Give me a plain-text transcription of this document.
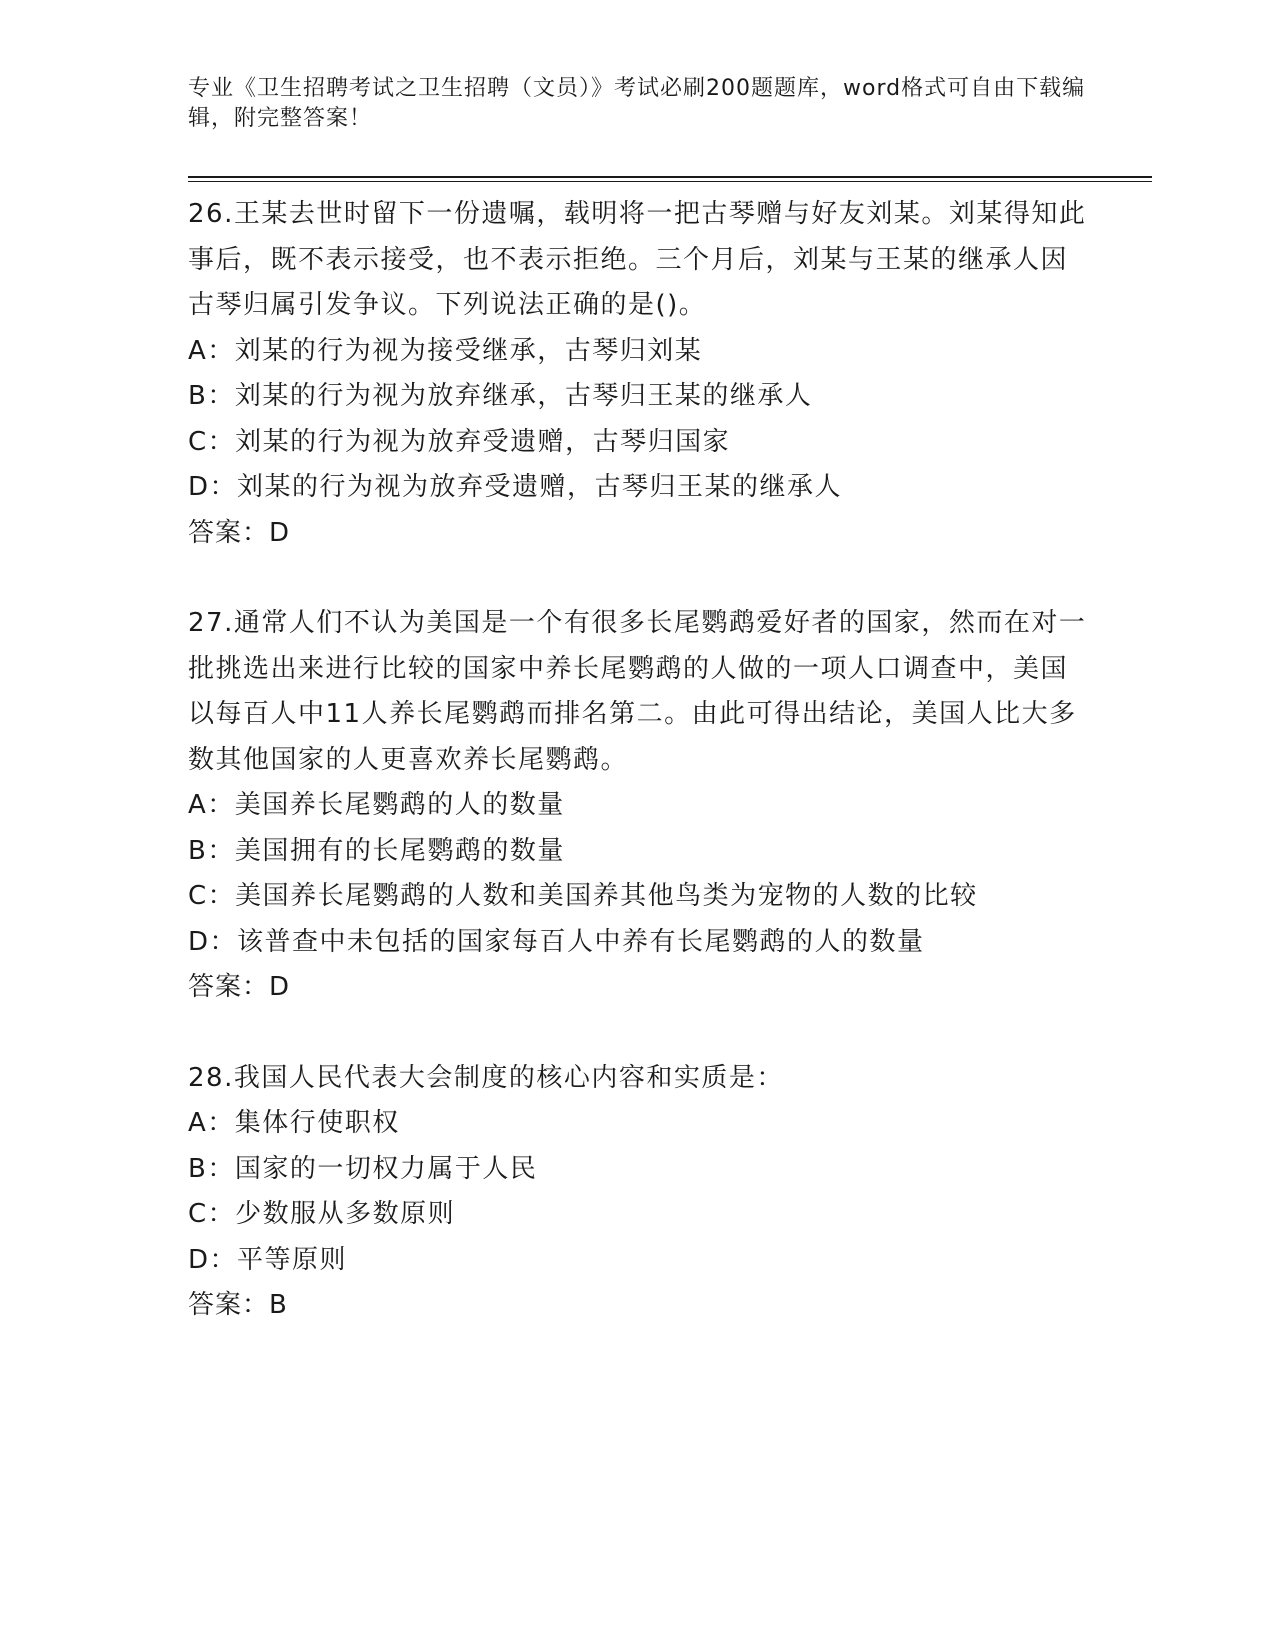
专业《卫生招聘考试之卫生招聘（文员）》考试必刷200题题库，word格式可自由下载编辑，附完整答案！
26.王某去世时留下一份遗嘱，载明将一把古琴赠与好友刘某。刘某得知此事后，既不表示接受，也不表示拒绝。三个月后，刘某与王某的继承人因古琴归属引发争议。下列说法正确的是()。
A：刘某的行为视为接受继承，古琴归刘某
B：刘某的行为视为放弃继承，古琴归王某的继承人
C：刘某的行为视为放弃受遗赠，古琴归国家
D：刘某的行为视为放弃受遗赠，古琴归王某的继承人
答案：D
27.通常人们不认为美国是一个有很多长尾鹦鹉爱好者的国家，然而在对一批挑选出来进行比较的国家中养长尾鹦鹉的人做的一项人口调查中，美国以每百人中11人养长尾鹦鹉而排名第二。由此可得出结论，美国人比大多数其他国家的人更喜欢养长尾鹦鹉。
A：美国养长尾鹦鹉的人的数量
B：美国拥有的长尾鹦鹉的数量
C：美国养长尾鹦鹉的人数和美国养其他鸟类为宠物的人数的比较
D：该普查中未包括的国家每百人中养有长尾鹦鹉的人的数量
答案：D
28.我国人民代表大会制度的核心内容和实质是：
A：集体行使职权
B：国家的一切权力属于人民
C：少数服从多数原则
D：平等原则
答案：B
